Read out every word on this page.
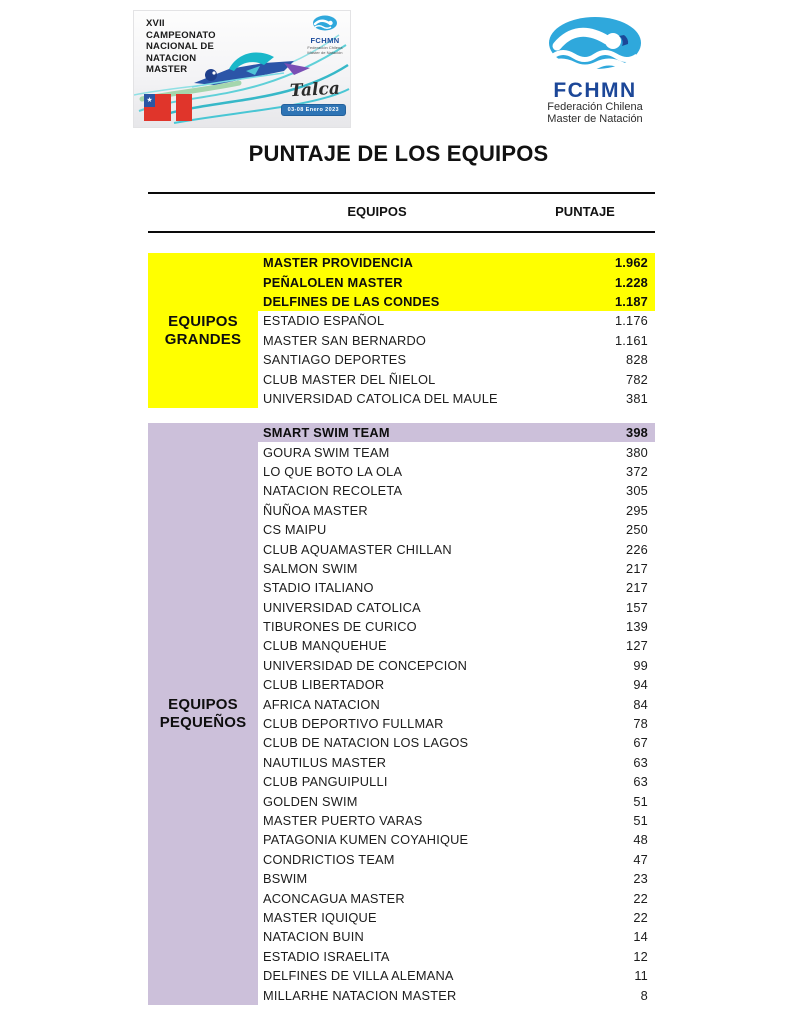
XVII
CAMPEONATO
NACIONAL DE
NATACION
MASTER
FCHMN
Federación Chilena
Master de Natación
Talca
03-08 Enero 2023
★
FCHMN
Federación Chilena
Master de Natación
PUNTAJE DE LOS EQUIPOS
EQUIPOS	PUNTAJE
EQUIPOS
GRANDES
MASTER PROVIDENCIA	1.962
PEÑALOLEN MASTER	1.228
DELFINES DE LAS CONDES	1.187
ESTADIO ESPAÑOL	1.176
MASTER SAN BERNARDO	1.161
SANTIAGO DEPORTES	828
CLUB MASTER DEL ÑIELOL	782
UNIVERSIDAD CATOLICA DEL MAULE	381
EQUIPOS
PEQUEÑOS
SMART SWIM TEAM	398
GOURA SWIM TEAM	380
LO QUE BOTO LA OLA	372
NATACION RECOLETA	305
ÑUÑOA MASTER	295
CS MAIPU	250
CLUB AQUAMASTER CHILLAN	226
SALMON SWIM	217
STADIO ITALIANO	217
UNIVERSIDAD CATOLICA	157
TIBURONES DE CURICO	139
CLUB MANQUEHUE	127
UNIVERSIDAD DE CONCEPCION	99
CLUB LIBERTADOR	94
AFRICA NATACION	84
CLUB DEPORTIVO FULLMAR	78
CLUB DE NATACION LOS LAGOS	67
NAUTILUS MASTER	63
CLUB PANGUIPULLI	63
GOLDEN SWIM	51
MASTER PUERTO VARAS	51
PATAGONIA KUMEN COYAHIQUE	48
CONDRICTIOS TEAM	47
BSWIM	23
ACONCAGUA MASTER	22
MASTER IQUIQUE	22
NATACION BUIN	14
ESTADIO ISRAELITA	12
DELFINES DE VILLA ALEMANA	11
MILLARHE NATACION MASTER	8
